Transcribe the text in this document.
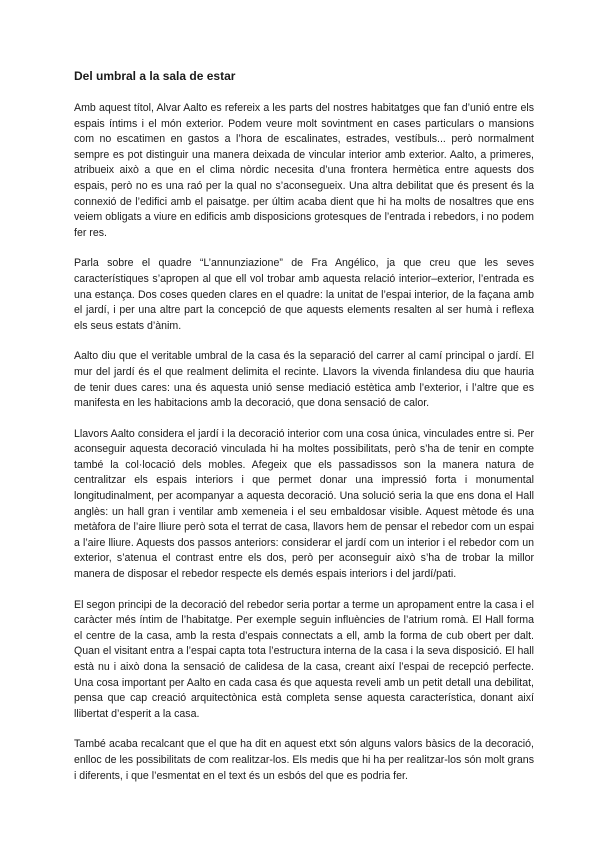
Del umbral a la sala de estar

Amb aquest títol, Alvar Aalto es refereix a les parts del nostres habitatges que fan d’unió entre els espais íntims i el món exterior. Podem veure molt sovintment en cases particulars o mansions com no escatimen en gastos a l’hora de escalinates, estrades, vestíbuls... però normalment sempre es pot distinguir una manera deixada de vincular interior amb exterior. Aalto, a primeres, atribueix això a que en el clima nòrdic necesita d’una frontera hermètica entre aquests dos espais, però no es una raó per la qual no s’aconsegueix. Una altra debilitat que és present és la connexió de l’edifici amb el paisatge. per últim acaba dient que hi ha molts de nosaltres que ens veiem obligats a viure en edificis amb disposicions grotesques de l’entrada i rebedors, i no podem fer res.

Parla sobre el quadre “L’annunziazione” de Fra Angélico, ja que creu que les seves característiques s’apropen al que ell vol trobar amb aquesta relació interior–exterior, l’entrada es una estança. Dos coses queden clares en el quadre: la unitat de l’espai interior, de la façana amb el jardí, i per una altre part la concepció de que aquests elements resalten al ser humà i reflexa els seus estats d’ànim.

Aalto diu que el veritable umbral de la casa és la separació del carrer al camí principal o jardí. El mur del jardí és el que realment delimita el recinte. Llavors la vivenda finlandesa diu que hauria de tenir dues cares: una és aquesta unió sense mediació estètica amb l’exterior, i l’altre que es manifesta en les habitacions amb la decoració, que dona sensació de calor.

Llavors Aalto considera el jardí i la decoració interior com una cosa única, vinculades entre si. Per aconseguir aquesta decoració vinculada hi ha moltes possibilitats, però s’ha de tenir en compte també la col·locació dels mobles. Afegeix que els passadissos son la manera natura de centralitzar els espais interiors i que permet donar una impressió forta i monumental longitudinalment, per acompanyar a aquesta decoració. Una solució seria la que ens dona el Hall anglès: un hall gran i ventilar amb xemeneia i el seu embaldosar visible. Aquest mètode és una metàfora de l’aire lliure però sota el terrat de casa, llavors hem de pensar el rebedor com un espai a l’aire lliure. Aquests dos passos anteriors: considerar el jardí com un interior i el rebedor com un exterior, s’atenua el contrast entre els dos, però per aconseguir això s’ha de trobar la millor manera de disposar el rebedor respecte els demés espais interiors i del jardí/pati.

El segon principi de la decoració del rebedor seria portar a terme un apropament entre la casa i el caràcter més íntim de l’habitatge. Per exemple seguin influències de l’atrium romà. El Hall forma el centre de la casa, amb la resta d’espais connectats a ell, amb la forma de cub obert per dalt. Quan el visitant entra a l’espai capta tota l’estructura interna de la casa i la seva disposició. El hall està nu i això dona la sensació de calidesa de la casa, creant així l’espai de recepció perfecte. Una cosa important per Aalto en cada casa és que aquesta reveli amb un petit detall una debilitat, pensa que cap creació arquitectònica està completa sense aquesta característica, donant així llibertat d’esperit a la casa.

També acaba recalcant que el que ha dit en aquest etxt són alguns valors bàsics de la decoració, enlloc de les possibilitats de com realitzar-los. Els medis que hi ha per realitzar-los són molt grans i diferents, i que l’esmentat en el text és un esbós del que es podria fer.
